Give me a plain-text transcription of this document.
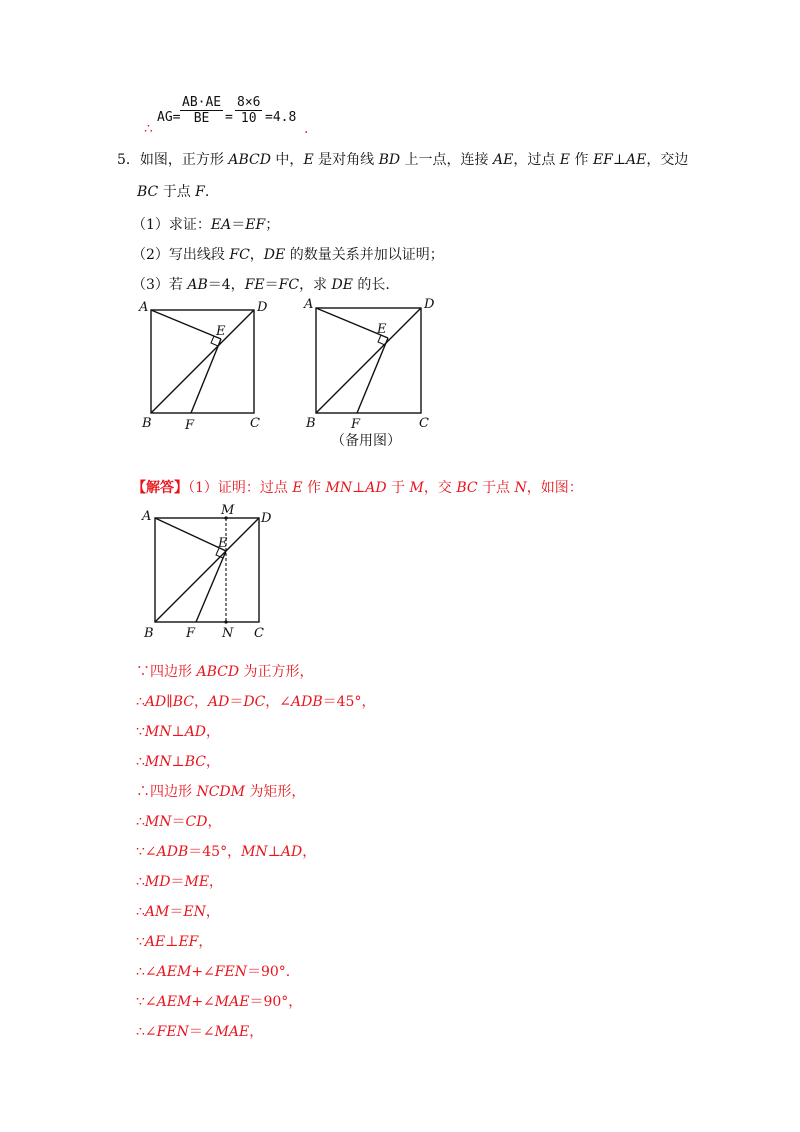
$AG= \frac{AB\cdot AE}{BE} = \frac{8\times 6}{10} =4.8$
∴	.
5．如图，正方形 ABCD 中，E 是对角线 BD 上一点，连接 AE，过点 E 作 EF⊥AE，交边
BC 于点 F.
（1）求证：EA＝EF；
（2）写出线段 FC，DE 的数量关系并加以证明；
（3）若 AB＝4，FE＝FC，求 DE 的长.
A	D
E
B	F	C
A	D
E
B	F	C
（备用图）
【解答】（1）证明：过点 E 作 MN⊥AD 于 M，交 BC 于点 N，如图：
A	M
D
E
B F N C
∵四边形 ABCD 为正方形，
∴AD∥BC，AD＝DC，∠ADB＝45°，
∵MN⊥AD，
∴MN⊥BC，
∴四边形 NCDM 为矩形，
∴MN＝CD，
∵∠ADB＝45°，MN⊥AD，
∴MD＝ME，
∴AM＝EN，
∵AE⊥EF，
∴∠AEM+∠FEN＝90°.
∵∠AEM+∠MAE＝90°，
∴∠FEN＝∠MAE，
